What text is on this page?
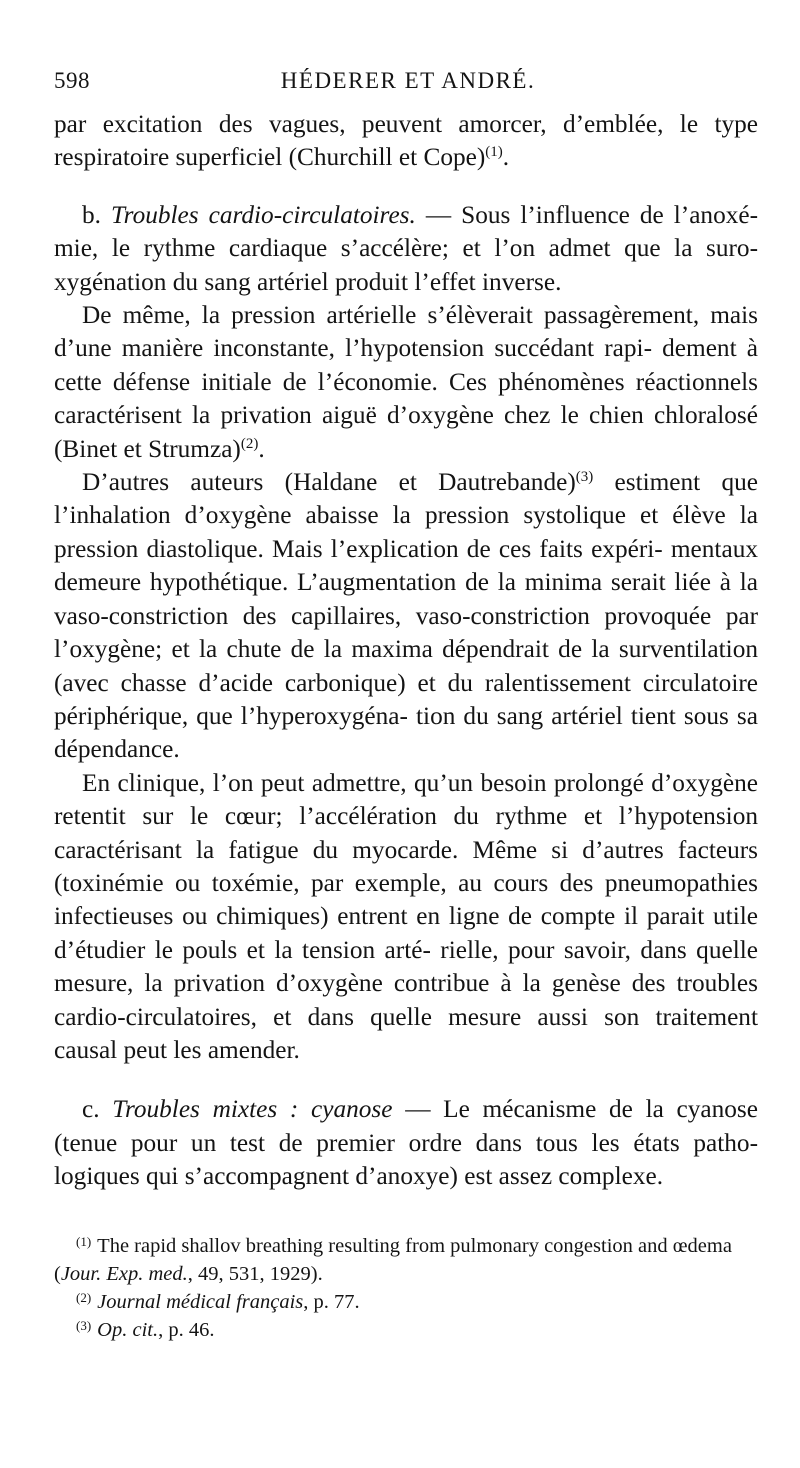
598	HÉDERER ET ANDRÉ.

par excitation des vagues, peuvent amorcer, d’emblée, le type respiratoire superficiel (Churchill et Cope)$^{(1)}$.

b. Troubles cardio-circulatoires. — Sous l’influence de l’anoxé- mie, le rythme cardiaque s’accélère; et l’on admet que la suro- xygénation du sang artériel produit l’effet inverse.

De même, la pression artérielle s’élèverait passagèrement, mais d’une manière inconstante, l’hypotension succédant rapi- dement à cette défense initiale de l’économie. Ces phénomènes réactionnels caractérisent la privation aiguë d’oxygène chez le chien chloralosé (Binet et Strumza)$^{(2)}$.

D’autres auteurs (Haldane et Dautrebande)$^{(3)}$ estiment que l’inhalation d’oxygène abaisse la pression systolique et élève la pression diastolique. Mais l’explication de ces faits expéri- mentaux demeure hypothétique. L’augmentation de la minima serait liée à la vaso-constriction des capillaires, vaso-constriction provoquée par l’oxygène; et la chute de la maxima dépendrait de la surventilation (avec chasse d’acide carbonique) et du ralentissement circulatoire périphérique, que l’hyperoxygéna- tion du sang artériel tient sous sa dépendance.

En clinique, l’on peut admettre, qu’un besoin prolongé d’oxygène retentit sur le cœur; l’accélération du rythme et l’hypotension caractérisant la fatigue du myocarde. Même si d’autres facteurs (toxinémie ou toxémie, par exemple, au cours des pneumopathies infectieuses ou chimiques) entrent en ligne de compte il parait utile d’étudier le pouls et la tension arté- rielle, pour savoir, dans quelle mesure, la privation d’oxygène contribue à la genèse des troubles cardio-circulatoires, et dans quelle mesure aussi son traitement causal peut les amender.

c. Troubles mixtes : cyanose — Le mécanisme de la cyanose (tenue pour un test de premier ordre dans tous les états patho- logiques qui s’accompagnent d’anoxye) est assez complexe.

$^{(1)}$ The rapid shallov breathing resulting from pulmonary congestion and œdema (Jour. Exp. med., 49, 531, 1929).

$^{(2)}$ Journal médical français, p. 77.

$^{(3)}$ Op. cit., p. 46.
